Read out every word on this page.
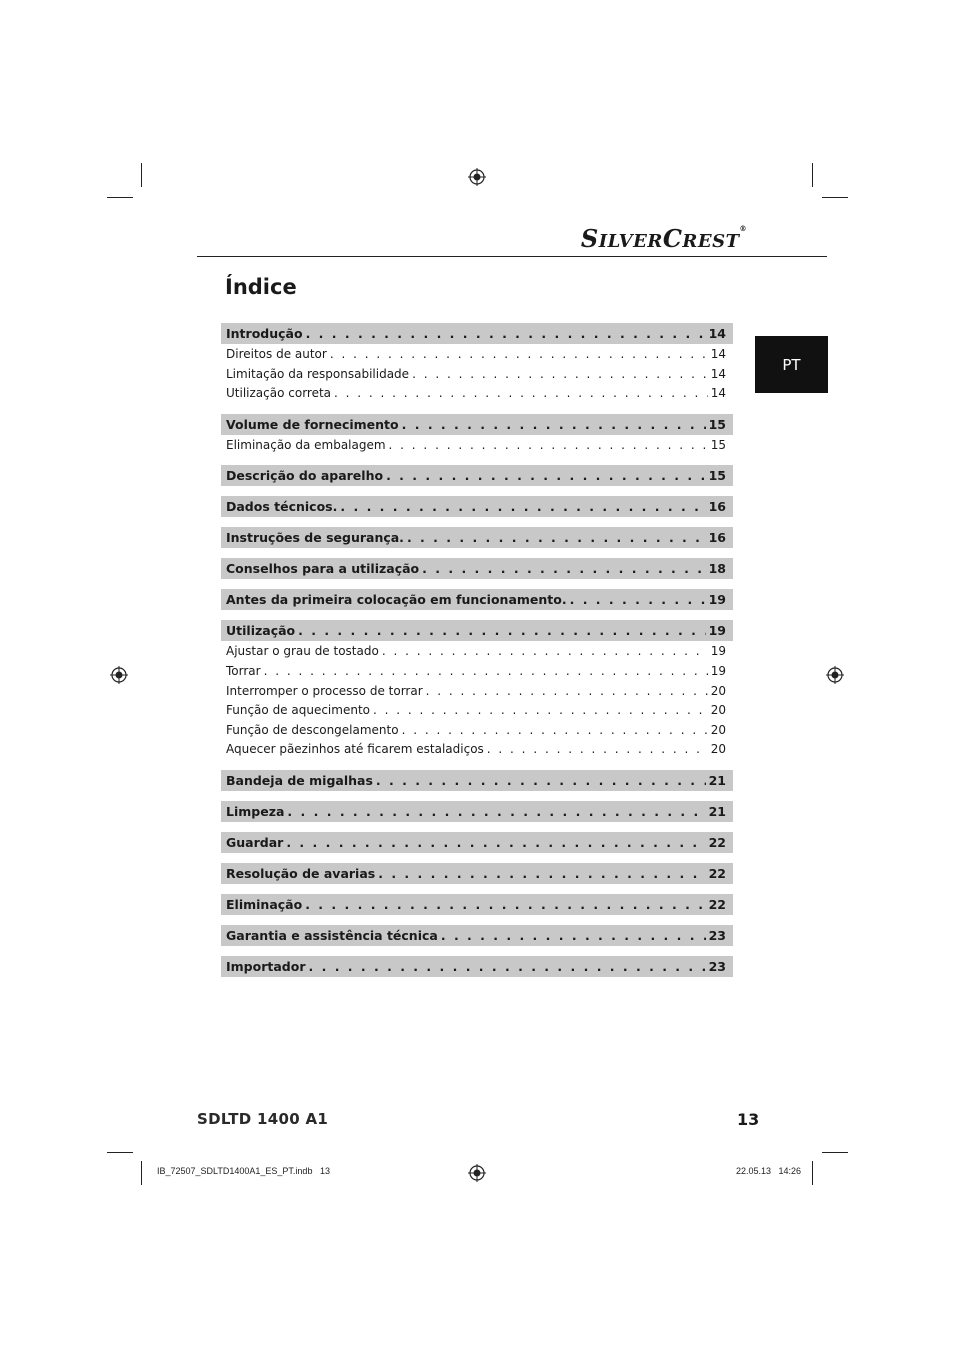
SILVERCREST®
Índice
PT
Introdução . . .	14
Direitos de autor . . .	14
Limitação da responsabilidade . . .	14
Utilização correta . . .	14
Volume de fornecimento . . .	15
Eliminação da embalagem . . .	15
Descrição do aparelho . . .	15
Dados técnicos. . . .	16
Instruções de segurança. . . .	16
Conselhos para a utilização . . .	18
Antes da primeira colocação em funcionamento. . . .	19
Utilização . . .	19
Ajustar o grau de tostado . . .	19
Torrar . . .	19
Interromper o processo de torrar . . .	20
Função de aquecimento . . .	20
Função de descongelamento . . .	20
Aquecer pãezinhos até ficarem estaladiços . . .	20
Bandeja de migalhas . . .	21
Limpeza . . .	21
Guardar . . .	22
Resolução de avarias . . .	22
Eliminação . . .	22
Garantia e assistência técnica . . .	23
Importador . . .	23
SDLTD 1400 A1	13
IB_72507_SDLTD1400A1_ES_PT.indb   13	22.05.13   14:26
